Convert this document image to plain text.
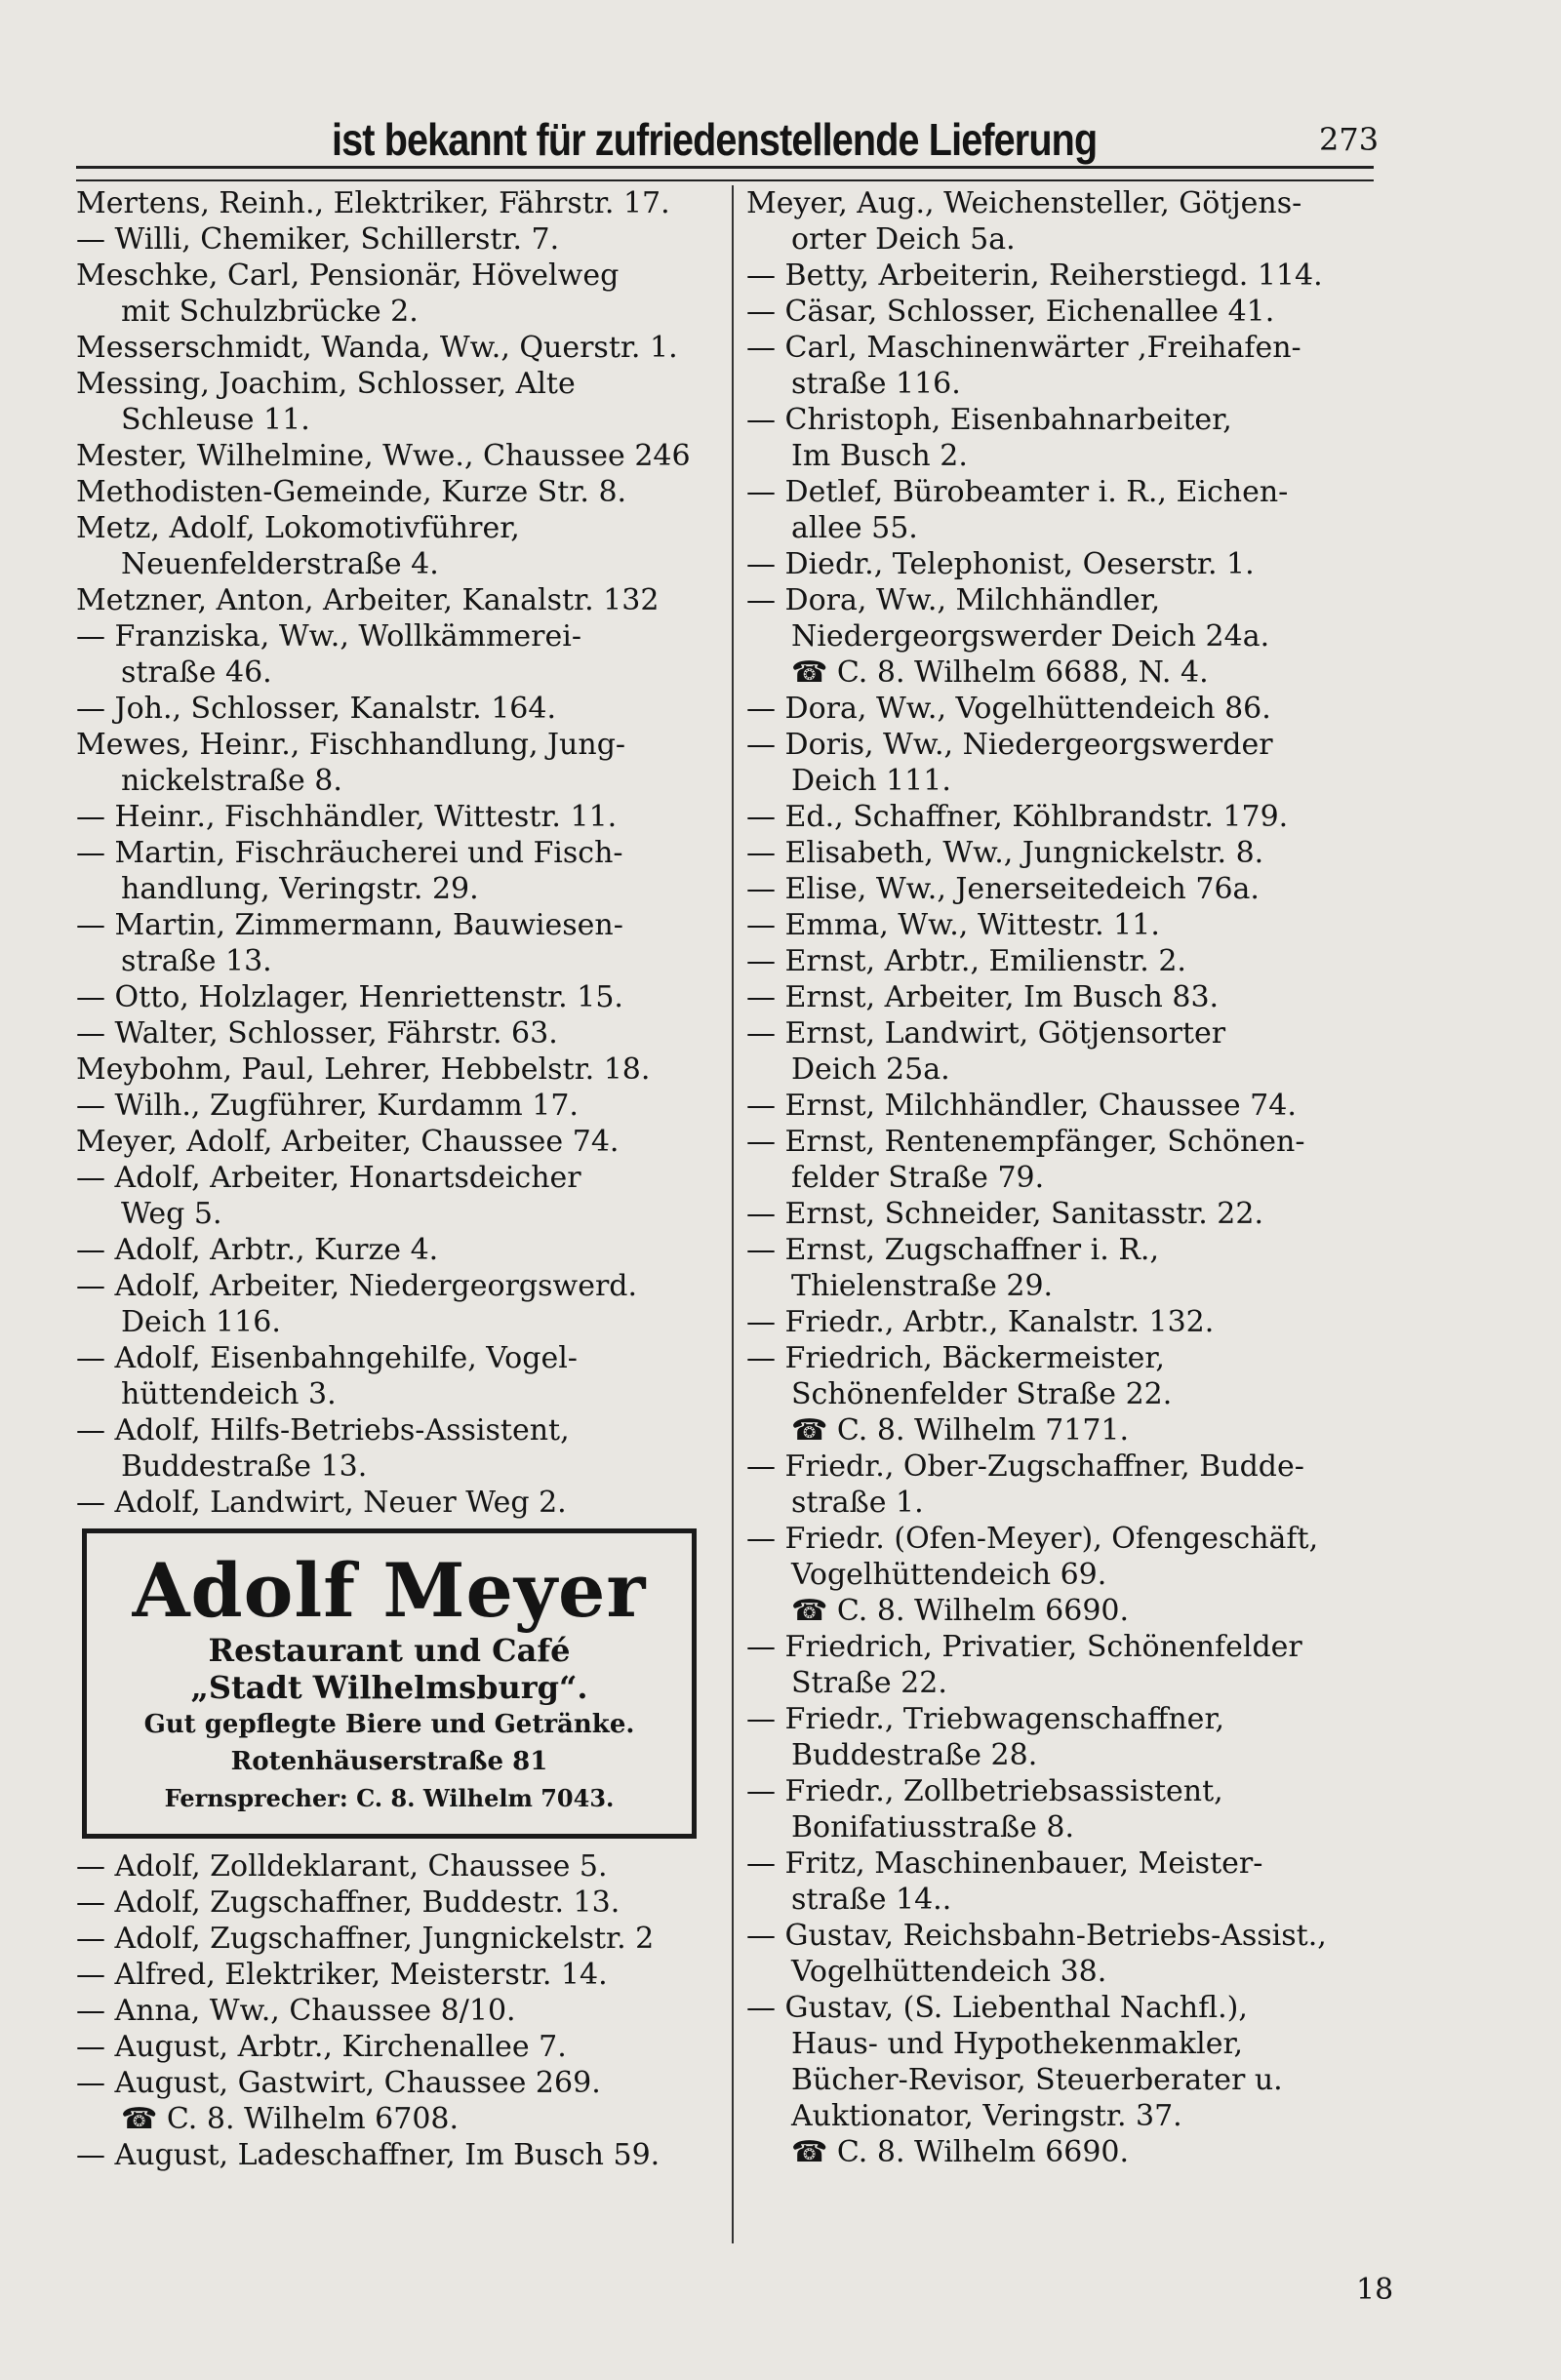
ist bekannt für zufriedenstellende Lieferung	273
Mertens, Reinh., Elektriker, Fährstr. 17.
— Willi, Chemiker, Schillerstr. 7.
Meschke, Carl, Pensionär, Hövelweg
mit Schulzbrücke 2.
Messerschmidt, Wanda, Ww., Querstr. 1.
Messing, Joachim, Schlosser, Alte
Schleuse 11.
Mester, Wilhelmine, Wwe., Chaussee 246
Methodisten-Gemeinde, Kurze Str. 8.
Metz, Adolf, Lokomotivführer,
Neuenfelderstraße 4.
Metzner, Anton, Arbeiter, Kanalstr. 132
— Franziska, Ww., Wollkämmerei-
straße 46.
— Joh., Schlosser, Kanalstr. 164.
Mewes, Heinr., Fischhandlung, Jung-
nickelstraße 8.
— Heinr., Fischhändler, Wittestr. 11.
— Martin, Fischräucherei und Fisch-
handlung, Veringstr. 29.
— Martin, Zimmermann, Bauwiesen-
straße 13.
— Otto, Holzlager, Henriettenstr. 15.
— Walter, Schlosser, Fährstr. 63.
Meybohm, Paul, Lehrer, Hebbelstr. 18.
— Wilh., Zugführer, Kurdamm 17.
Meyer, Adolf, Arbeiter, Chaussee 74.
— Adolf, Arbeiter, Honartsdeicher
Weg 5.
— Adolf, Arbtr., Kurze 4.
— Adolf, Arbeiter, Niedergeorgswerd.
Deich 116.
— Adolf, Eisenbahngehilfe, Vogel-
hüttendeich 3.
— Adolf, Hilfs-Betriebs-Assistent,
Buddestraße 13.
— Adolf, Landwirt, Neuer Weg 2.
Adolf Meyer
Restaurant und Café
„Stadt Wilhelmsburg“.
Gut gepflegte Biere und Getränke.
Rotenhäuserstraße 81
Fernsprecher: C. 8. Wilhelm 7043.
— Adolf, Zolldeklarant, Chaussee 5.
— Adolf, Zugschaffner, Buddestr. 13.
— Adolf, Zugschaffner, Jungnickelstr. 2
— Alfred, Elektriker, Meisterstr. 14.
— Anna, Ww., Chaussee 8/10.
— August, Arbtr., Kirchenallee 7.
— August, Gastwirt, Chaussee 269.
☎ C. 8. Wilhelm 6708.
— August, Ladeschaffner, Im Busch 59.
Meyer, Aug., Weichensteller, Götjens-
orter Deich 5a.
— Betty, Arbeiterin, Reiherstiegd. 114.
— Cäsar, Schlosser, Eichenallee 41.
— Carl, Maschinenwärter ,Freihafen-
straße 116.
— Christoph, Eisenbahnarbeiter,
Im Busch 2.
— Detlef, Bürobeamter i. R., Eichen-
allee 55.
— Diedr., Telephonist, Oeserstr. 1.
— Dora, Ww., Milchhändler,
Niedergeorgswerder Deich 24a.
☎ C. 8. Wilhelm 6688, N. 4.
— Dora, Ww., Vogelhüttendeich 86.
— Doris, Ww., Niedergeorgswerder
Deich 111.
— Ed., Schaffner, Köhlbrandstr. 179.
— Elisabeth, Ww., Jungnickelstr. 8.
— Elise, Ww., Jenerseitedeich 76a.
— Emma, Ww., Wittestr. 11.
— Ernst, Arbtr., Emilienstr. 2.
— Ernst, Arbeiter, Im Busch 83.
— Ernst, Landwirt, Götjensorter
Deich 25a.
— Ernst, Milchhändler, Chaussee 74.
— Ernst, Rentenempfänger, Schönen-
felder Straße 79.
— Ernst, Schneider, Sanitasstr. 22.
— Ernst, Zugschaffner i. R.,
Thielenstraße 29.
— Friedr., Arbtr., Kanalstr. 132.
— Friedrich, Bäckermeister,
Schönenfelder Straße 22.
☎ C. 8. Wilhelm 7171.
— Friedr., Ober-Zugschaffner, Budde-
straße 1.
— Friedr. (Ofen-Meyer), Ofengeschäft,
Vogelhüttendeich 69.
☎ C. 8. Wilhelm 6690.
— Friedrich, Privatier, Schönenfelder
Straße 22.
— Friedr., Triebwagenschaffner,
Buddestraße 28.
— Friedr., Zollbetriebsassistent,
Bonifatiusstraße 8.
— Fritz, Maschinenbauer, Meister-
straße 14..
— Gustav, Reichsbahn-Betriebs-Assist.,
Vogelhüttendeich 38.
— Gustav, (S. Liebenthal Nachfl.),
Haus- und Hypothekenmakler,
Bücher-Revisor, Steuerberater u.
Auktionator, Veringstr. 37.
☎ C. 8. Wilhelm 6690.
18
